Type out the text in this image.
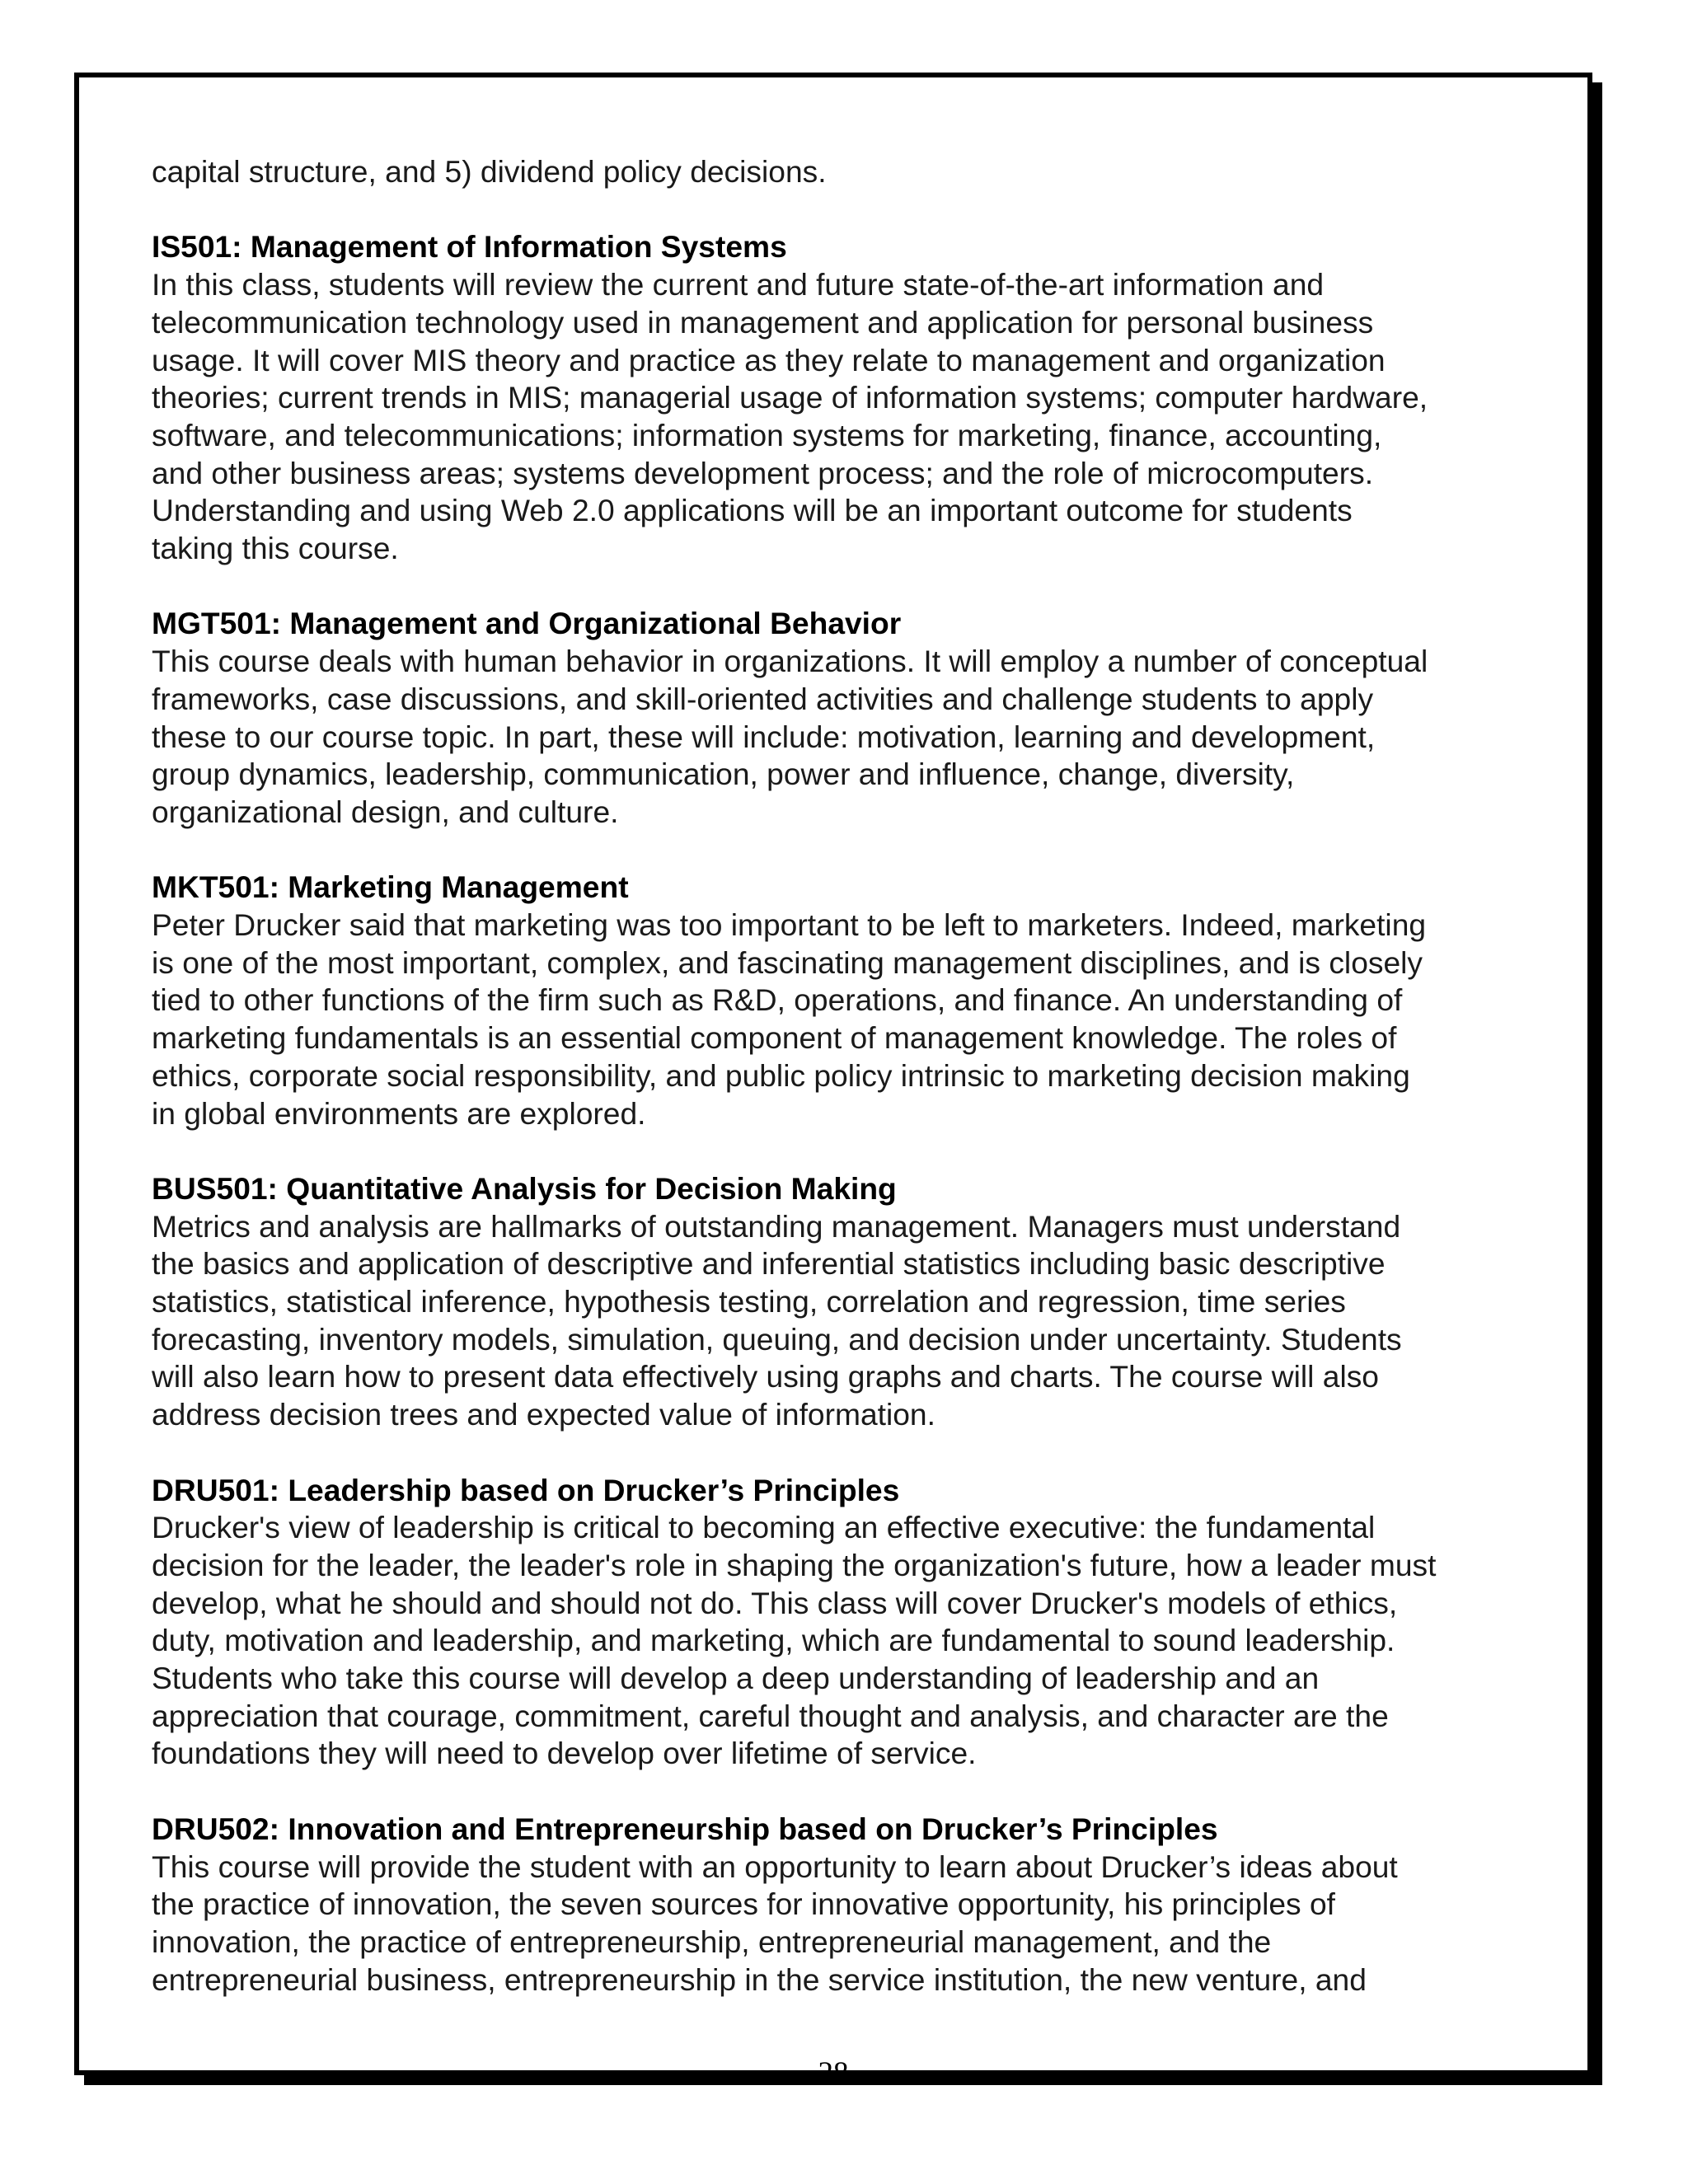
capital structure, and 5) dividend policy decisions.

IS501: Management of Information Systems

In this class, students will review the current and future state-of-the-art information and
telecommunication technology used in management and application for personal business
usage. It will cover MIS theory and practice as they relate to management and organization
theories; current trends in MIS; managerial usage of information systems; computer hardware,
software, and telecommunications; information systems for marketing, finance, accounting,
and other business areas; systems development process; and the role of microcomputers.
Understanding and using Web 2.0 applications will be an important outcome for students
taking this course.

MGT501: Management and Organizational Behavior

This course deals with human behavior in organizations. It will employ a number of conceptual
frameworks, case discussions, and skill-oriented activities and challenge students to apply
these to our course topic. In part, these will include: motivation, learning and development,
group dynamics, leadership, communication, power and influence, change, diversity,
organizational design, and culture.

MKT501: Marketing Management

Peter Drucker said that marketing was too important to be left to marketers. Indeed, marketing
is one of the most important, complex, and fascinating management disciplines, and is closely
tied to other functions of the firm such as R&D, operations, and finance. An understanding of
marketing fundamentals is an essential component of management knowledge. The roles of
ethics, corporate social responsibility, and public policy intrinsic to marketing decision making
in global environments are explored.

BUS501: Quantitative Analysis for Decision Making

Metrics and analysis are hallmarks of outstanding management. Managers must understand
the basics and application of descriptive and inferential statistics including basic descriptive
statistics, statistical inference, hypothesis testing, correlation and regression, time series
forecasting, inventory models, simulation, queuing, and decision under uncertainty. Students
will also learn how to present data effectively using graphs and charts. The course will also
address decision trees and expected value of information.

DRU501: Leadership based on Drucker’s Principles

Drucker's view of leadership is critical to becoming an effective executive: the fundamental
decision for the leader, the leader's role in shaping the organization's future, how a leader must
develop, what he should and should not do. This class will cover Drucker's models of ethics,
duty, motivation and leadership, and marketing, which are fundamental to sound leadership.
Students who take this course will develop a deep understanding of leadership and an
appreciation that courage, commitment, careful thought and analysis, and character are the
foundations they will need to develop over lifetime of service.

DRU502: Innovation and Entrepreneurship based on Drucker’s Principles

This course will provide the student with an opportunity to learn about Drucker’s ideas about
the practice of innovation, the seven sources for innovative opportunity, his principles of
innovation, the practice of entrepreneurship, entrepreneurial management, and the
entrepreneurial business, entrepreneurship in the service institution, the new venture, and
28
